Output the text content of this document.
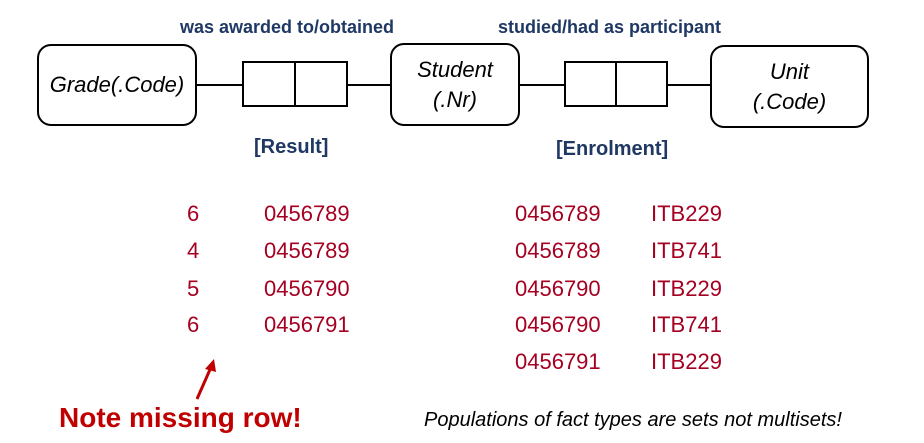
was awarded to/obtained	studied/had as participant
Grade(.Code)
Student
(.Nr)
Unit
(.Code)
[Result]	[Enrolment]
6	0456789
4	0456789
5	0456790
6	0456791
0456789 ITB229
0456789 ITB741
0456790 ITB229
0456790 ITB741
0456791 ITB229
Note missing row!	Populations of fact types are sets not multisets!
